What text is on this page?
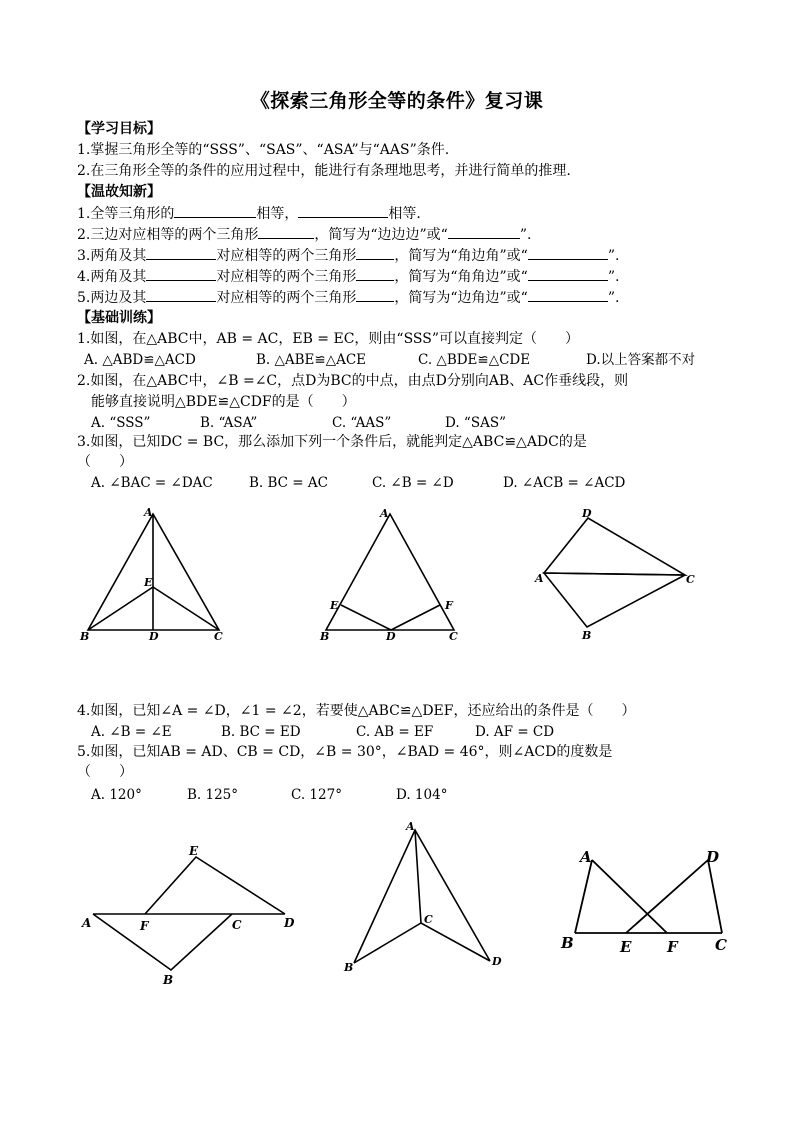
《探索三角形全等的条件》复习课
【学习目标】
1.掌握三角形全等的“SSS”、“SAS”、“ASA”与“AAS”条件.
2.在三角形全等的条件的应用过程中，能进行有条理地思考，并进行简单的推理.
【温故知新】
1.全等三角形的	相等，	相等.
2.三边对应相等的两个三角形	，简写为“边边边”或“	”.
3.两角及其	对应相等的两个三角形	，简写为“角边角”或“	”.
4.两角及其	对应相等的两个三角形	，简写为“角角边”或“	”.
5.两边及其	对应相等的两个三角形	，简写为“边角边”或“	”.
【基础训练】
1.如图，在△ABC中，AB = AC，EB = EC，则由“SSS”可以直接判定（　　）
A. △ABD≌△ACD	B. △ABE≌△ACE	C. △BDE≌△CDE	D.以上答案都不对
2.如图，在△ABC中，∠B =∠C，点D为BC的中点，由点D分别向AB、AC作垂线段，则
能够直接说明△BDE≌△CDF的是（　　）
A. “SSS”	B. “ASA”	C. “AAS”	D. “SAS”
3.如图，已知DC = BC，那么添加下列一个条件后，就能判定△ABC≌△ADC的是
（　　）
A. ∠BAC = ∠DAC	B. BC = AC	C. ∠B = ∠D	D. ∠ACB = ∠ACD
A
E
B	D	C
A
E	F
B	D	C
D
A	C
B
4.如图，已知∠A = ∠D，∠1 = ∠2，若要使△ABC≌△DEF，还应给出的条件是（　　）
A. ∠B = ∠E	B. BC = ED	C. AB = EF	D. AF = CD
5.如图，已知AB = AD、CB = CD，∠B = 30°，∠BAD = 46°，则∠ACD的度数是
（　　）
A. 120°	B. 125°	C. 127°	D. 104°
E
A	F	C	D
B
A
C
B	D
A	D
B	E F C
